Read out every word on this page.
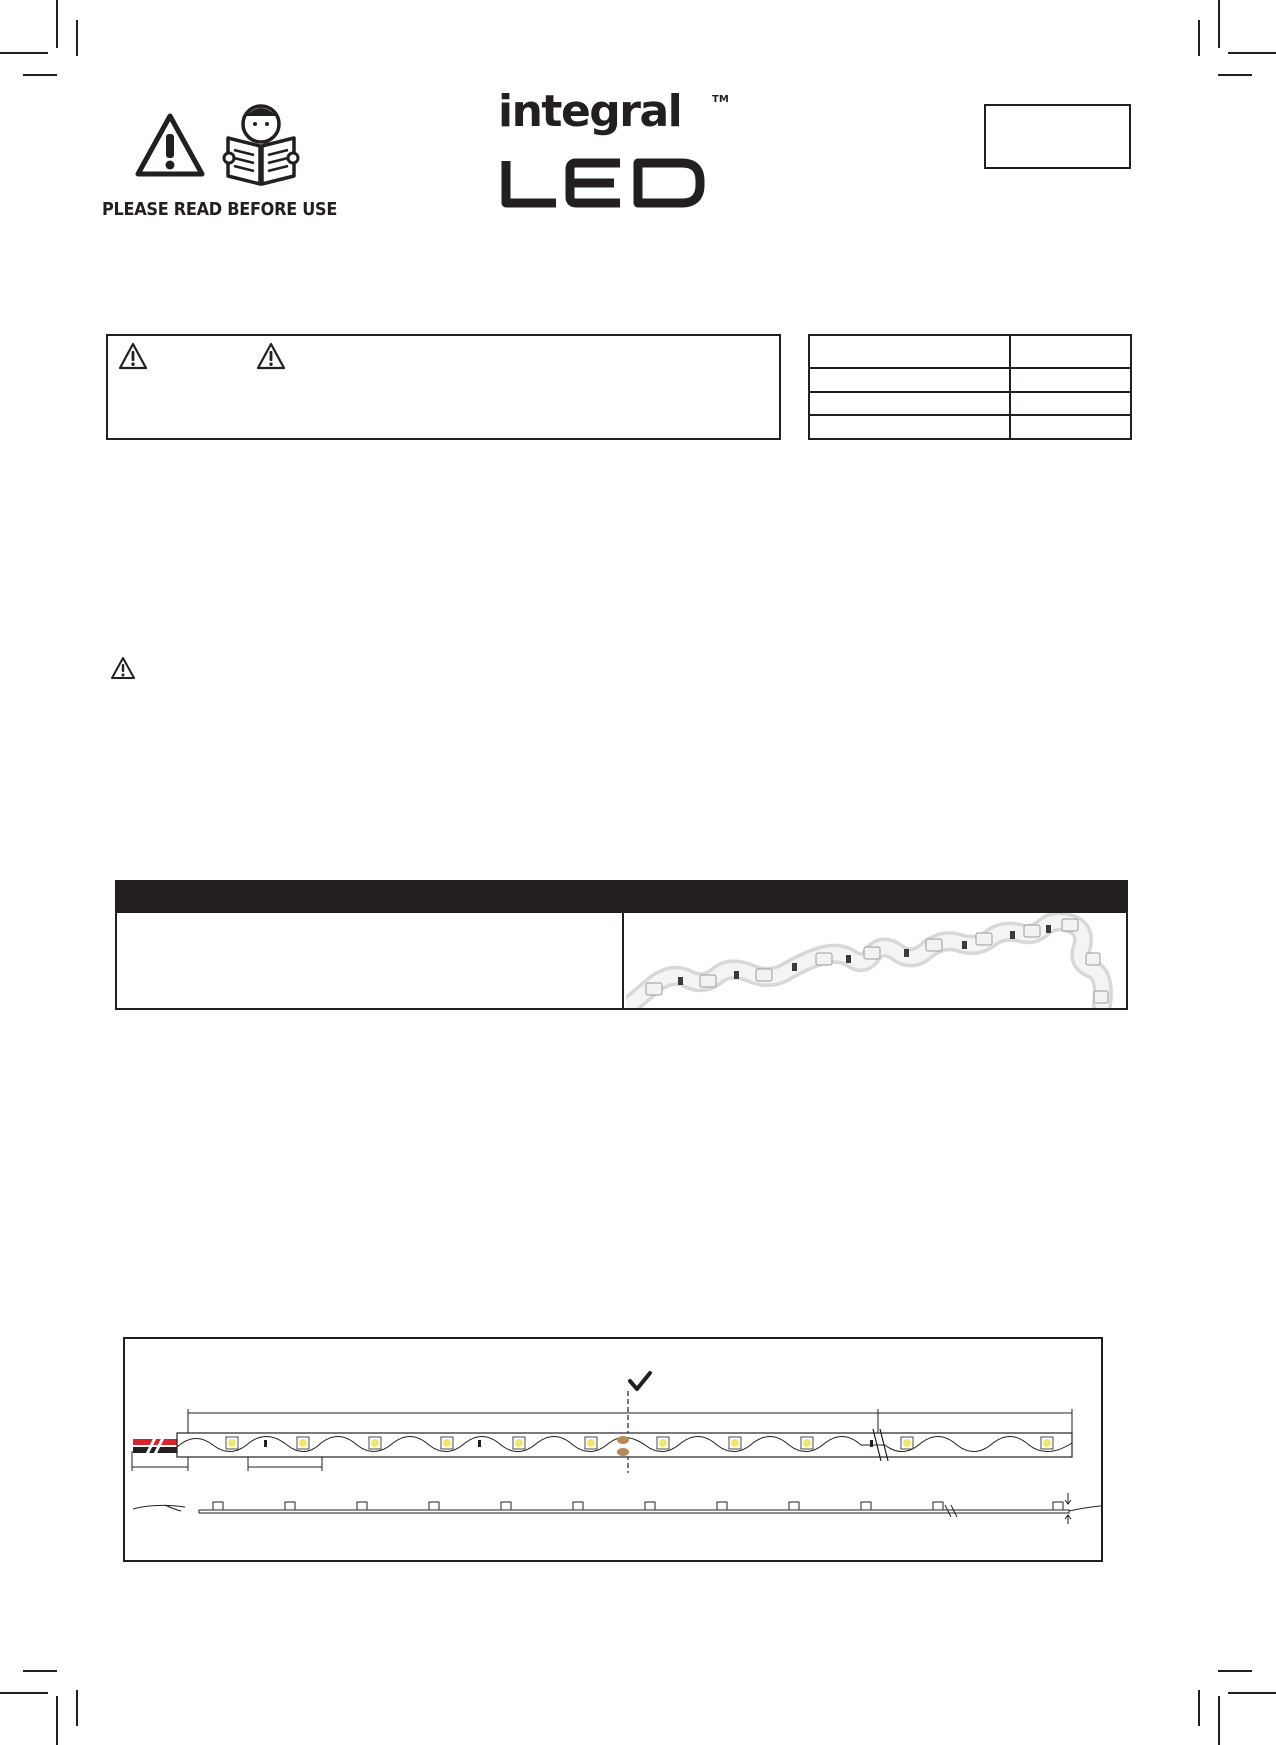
PLEASE READ BEFORE USE
integral	TM
